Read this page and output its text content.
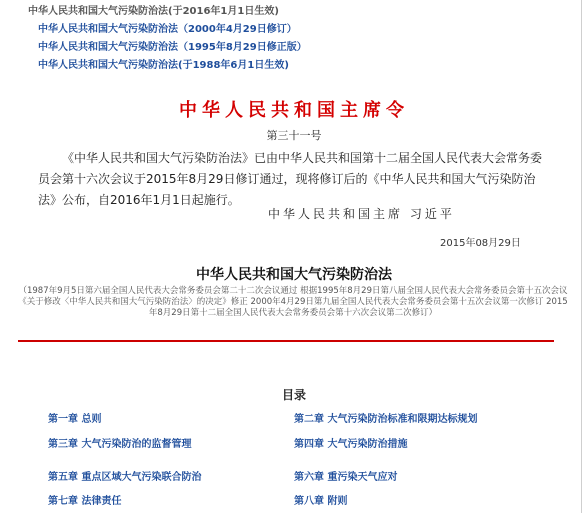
中华人民共和国大气污染防治法(于2016年1月1日生效)
中华人民共和国大气污染防治法（2000年4月29日修订）
中华人民共和国大气污染防治法（1995年8月29日修正版）
中华人民共和国大气污染防治法(于1988年6月1日生效)
中华人民共和国主席令
第三十一号
《中华人民共和国大气污染防治法》已由中华人民共和国第十二届全国人民代表大会常务委员会第十六次会议于2015年8月29日修订通过，现将修订后的《中华人民共和国大气污染防治法》公布，自2016年1月1日起施行。
中华人民共和国主席 习近平
2015年08月29日
中华人民共和国大气污染防治法
（1987年9月5日第六届全国人民代表大会常务委员会第二十二次会议通过 根据1995年8月29日第八届全国人民代表大会常务委员会第十五次会议《关于修改〈中华人民共和国大气污染防治法〉的决定》修正 2000年4月29日第九届全国人民代表大会常务委员会第十五次会议第一次修订 2015年8月29日第十二届全国人民代表大会常务委员会第十六次会议第二次修订）
目录
第一章 总则	第二章 大气污染防治标准和限期达标规划
第三章 大气污染防治的监督管理	第四章 大气污染防治措施
第五章 重点区域大气污染联合防治	第六章 重污染天气应对
第七章 法律责任	第八章 附则
